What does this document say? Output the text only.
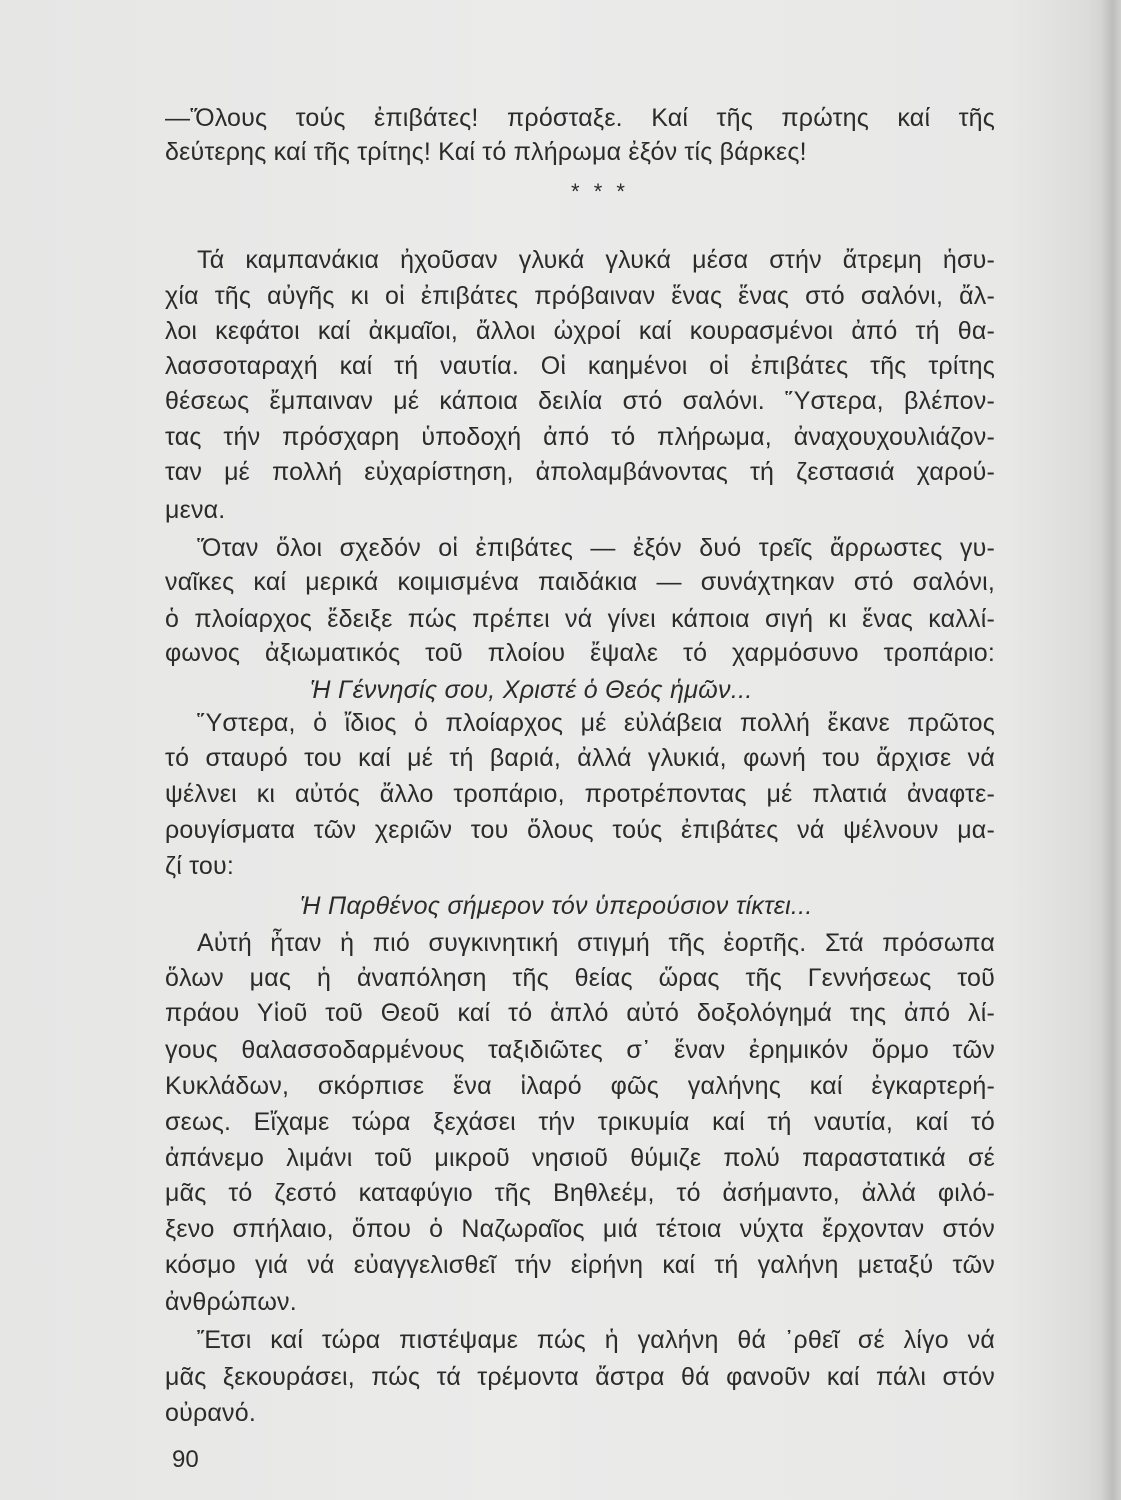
—Ὅλους τούς ἐπιβάτες! πρόσταξε. Καί τῆς πρώτης καί τῆς
δεύτερης καί τῆς τρίτης! Καί τό πλήρωμα ἐξόν τίς βάρκες!
* * *
Τά καμπανάκια ἠχοῦσαν γλυκά γλυκά μέσα στήν ἄτρεμη ἡσυ-
χία τῆς αὐγῆς κι οἱ ἐπιβάτες πρόβαιναν ἕνας ἕνας στό σαλόνι, ἄλ-
λοι κεφάτοι καί ἀκμαῖοι, ἄλλοι ὠχροί καί κουρασμένοι ἀπό τή θα-
λασσοταραχή καί τή ναυτία. Οἱ καημένοι οἱ ἐπιβάτες τῆς τρίτης
θέσεως ἔμπαιναν μέ κάποια δειλία στό σαλόνι. Ὕστερα, βλέπον-
τας τήν πρόσχαρη ὑποδοχή ἀπό τό πλήρωμα, ἀναχουχουλιάζον-
ταν μέ πολλή εὐχαρίστηση, ἀπολαμβάνοντας τή ζεστασιά χαρού-
μενα.
Ὅταν ὅλοι σχεδόν οἱ ἐπιβάτες — ἐξόν δυό τρεῖς ἄρρωστες γυ-
ναῖκες καί μερικά κοιμισμένα παιδάκια — συνάχτηκαν στό σαλόνι,
ὁ πλοίαρχος ἔδειξε πώς πρέπει νά γίνει κάποια σιγή κι ἕνας καλλί-
φωνος ἀξιωματικός τοῦ πλοίου ἔψαλε τό χαρμόσυνο τροπάριο:
Ἡ Γέννησίς σου, Χριστέ ὁ Θεός ἡμῶν...
Ὕστερα, ὁ ἴδιος ὁ πλοίαρχος μέ εὐλάβεια πολλή ἔκανε πρῶτος
τό σταυρό του καί μέ τή βαριά, ἀλλά γλυκιά, φωνή του ἄρχισε νά
ψέλνει κι αὐτός ἄλλο τροπάριο, προτρέποντας μέ πλατιά ἀναφτε-
ρουγίσματα τῶν χεριῶν του ὅλους τούς ἐπιβάτες νά ψέλνουν μα-
ζί του:
Ἡ Παρθένος σήμερον τόν ὑπερούσιον τίκτει...
Αὐτή ἦταν ἡ πιό συγκινητική στιγμή τῆς ἑορτῆς. Στά πρόσωπα
ὅλων μας ἡ ἀναπόληση τῆς θείας ὥρας τῆς Γεννήσεως τοῦ
πράου Υἱοῦ τοῦ Θεοῦ καί τό ἁπλό αὐτό δοξολόγημά της ἀπό λί-
γους θαλασσοδαρμένους ταξιδιῶτες σ᾽ ἕναν ἐρημικόν ὅρμο τῶν
Κυκλάδων, σκόρπισε ἕνα ἱλαρό φῶς γαλήνης καί ἐγκαρτερή-
σεως. Εἴχαμε τώρα ξεχάσει τήν τρικυμία καί τή ναυτία, καί τό
ἀπάνεμο λιμάνι τοῦ μικροῦ νησιοῦ θύμιζε πολύ παραστατικά σέ
μᾶς τό ζεστό καταφύγιο τῆς Βηθλεέμ, τό ἀσήμαντο, ἀλλά φιλό-
ξενο σπήλαιο, ὅπου ὁ Ναζωραῖος μιά τέτοια νύχτα ἔρχονταν στόν
κόσμο γιά νά εὐαγγελισθεῖ τήν εἰρήνη καί τή γαλήνη μεταξύ τῶν
ἀνθρώπων.
Ἔτσι καί τώρα πιστέψαμε πώς ἡ γαλήνη θά ᾽ρθεῖ σέ λίγο νά
μᾶς ξεκουράσει, πώς τά τρέμοντα ἄστρα θά φανοῦν καί πάλι στόν
οὐρανό.
90
